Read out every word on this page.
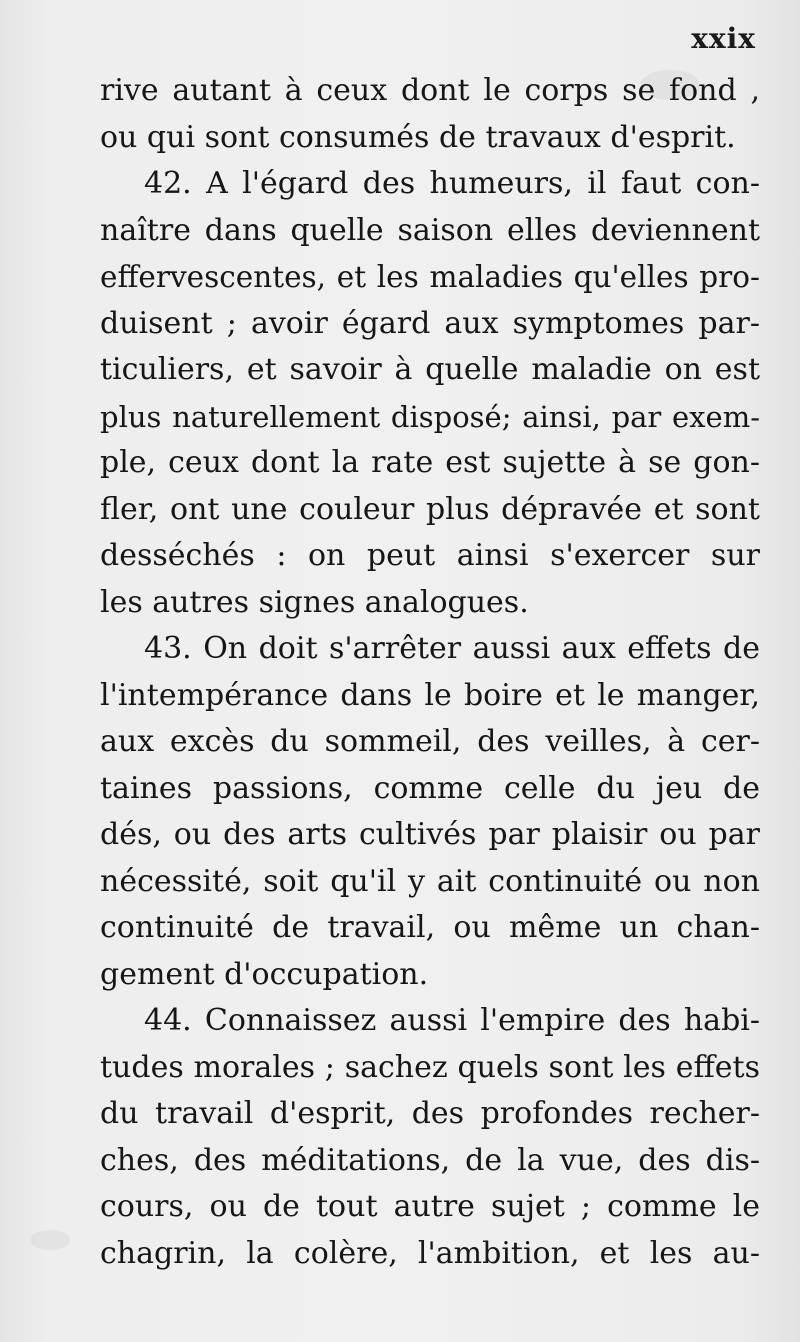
xxix
rive autant à ceux dont le corps se fond ,
ou qui sont consumés de travaux d'esprit.
42. A l'égard des humeurs, il faut con-
naître dans quelle saison elles deviennent
effervescentes, et les maladies qu'elles pro-
duisent ; avoir égard aux symptomes par-
ticuliers, et savoir à quelle maladie on est
plus naturellement disposé; ainsi, par exem-
ple, ceux dont la rate est sujette à se gon-
fler, ont une couleur plus dépravée et sont
desséchés : on peut ainsi s'exercer sur
les autres signes analogues.
43. On doit s'arrêter aussi aux effets de
l'intempérance dans le boire et le manger,
aux excès du sommeil, des veilles, à cer-
taines passions, comme celle du jeu de
dés, ou des arts cultivés par plaisir ou par
nécessité, soit qu'il y ait continuité ou non
continuité de travail, ou même un chan-
gement d'occupation.
44. Connaissez aussi l'empire des habi-
tudes morales ; sachez quels sont les effets
du travail d'esprit, des profondes recher-
ches, des méditations, de la vue, des dis-
cours, ou de tout autre sujet ; comme le
chagrin, la colère, l'ambition, et les au-
